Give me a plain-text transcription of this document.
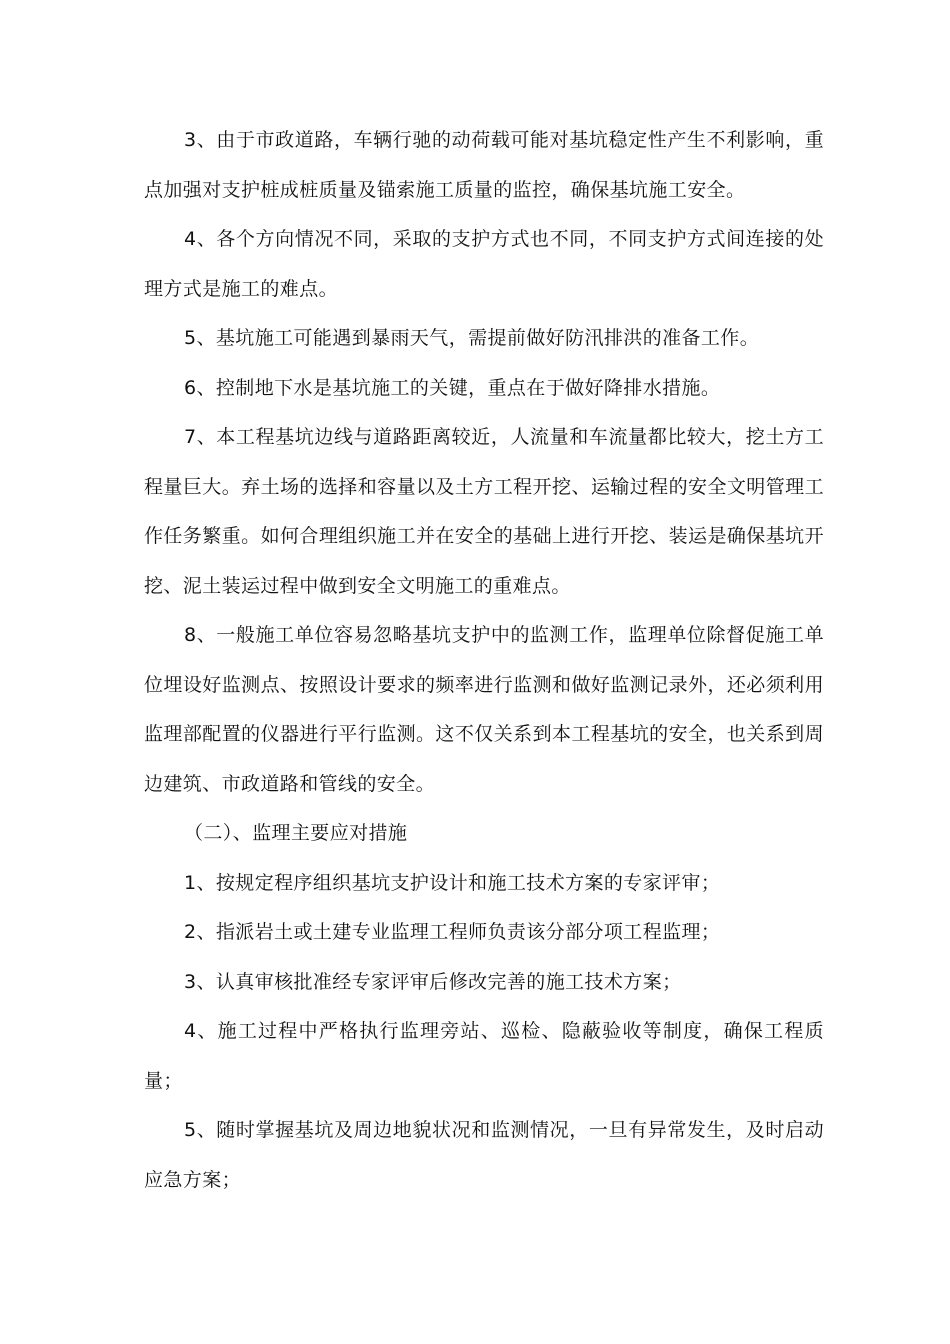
3、由于市政道路，车辆行驰的动荷载可能对基坑稳定性产生不利影响，重点加强对支护桩成桩质量及锚索施工质量的监控，确保基坑施工安全。

4、各个方向情况不同，采取的支护方式也不同，不同支护方式间连接的处理方式是施工的难点。

5、基坑施工可能遇到暴雨天气，需提前做好防汛排洪的准备工作。

6、控制地下水是基坑施工的关键，重点在于做好降排水措施。

7、本工程基坑边线与道路距离较近，人流量和车流量都比较大，挖土方工程量巨大。弃土场的选择和容量以及土方工程开挖、运输过程的安全文明管理工作任务繁重。如何合理组织施工并在安全的基础上进行开挖、装运是确保基坑开挖、泥土装运过程中做到安全文明施工的重难点。

8、一般施工单位容易忽略基坑支护中的监测工作，监理单位除督促施工单位埋设好监测点、按照设计要求的频率进行监测和做好监测记录外，还必须利用监理部配置的仪器进行平行监测。这不仅关系到本工程基坑的安全，也关系到周边建筑、市政道路和管线的安全。

（二）、监理主要应对措施

1、按规定程序组织基坑支护设计和施工技术方案的专家评审；

2、指派岩土或土建专业监理工程师负责该分部分项工程监理；

3、认真审核批准经专家评审后修改完善的施工技术方案；

4、施工过程中严格执行监理旁站、巡检、隐蔽验收等制度，确保工程质量；

5、随时掌握基坑及周边地貌状况和监测情况，一旦有异常发生，及时启动应急方案；
